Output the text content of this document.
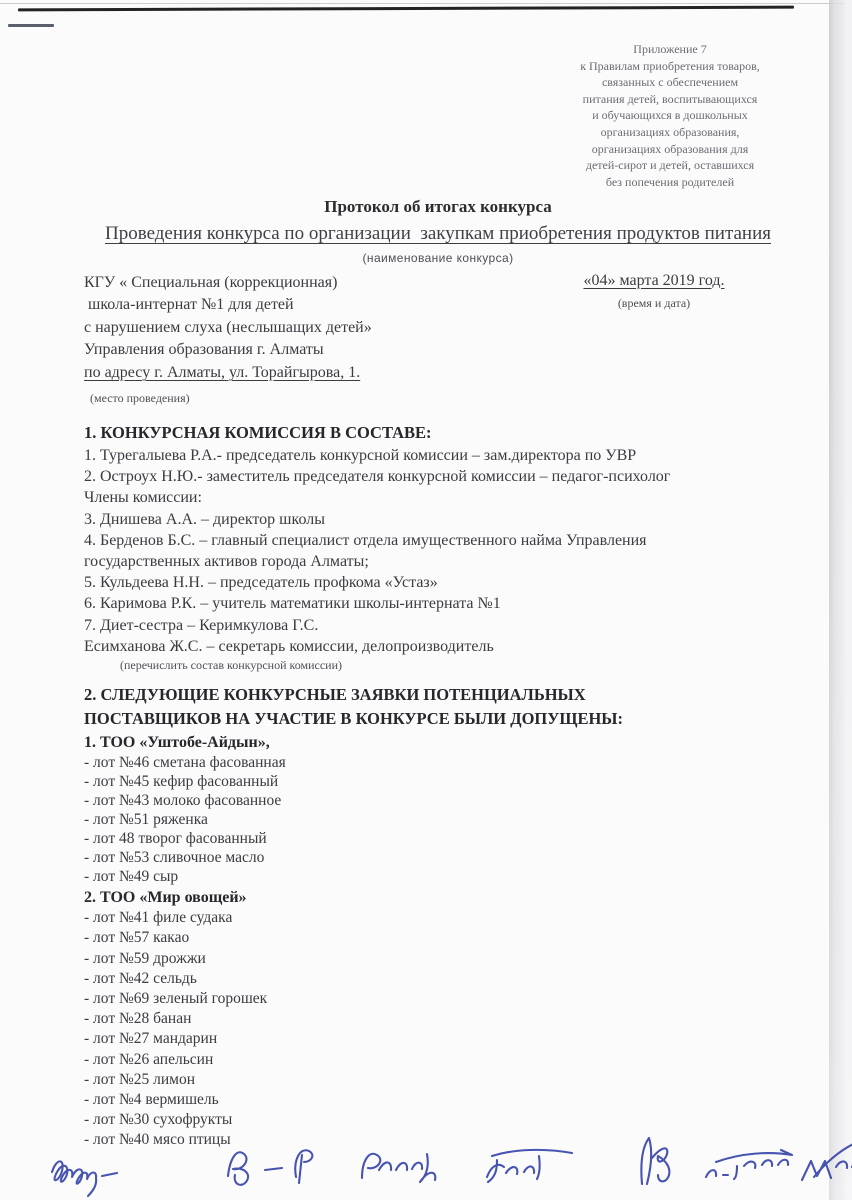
Приложение 7
к Правилам приобретения товаров,
связанных с обеспечением
питания детей, воспитывающихся
и обучающихся в дошкольных
организациях образования,
организациях образования для
детей-сирот и детей, оставшихся
без попечения родителей
Протокол об итогах конкурса
Проведения конкурса по организации  закупкам приобретения продуктов питания
(наименование конкурса)
КГУ « Специальная (коррекционная)
школа-интернат №1 для детей
с нарушением слуха (неслышащих детей»
Управления образования г. Алматы
по адресу г. Алматы, ул. Торайгырова, 1.
(место проведения)
«04» марта 2019 год.
(время и дата)
1. КОНКУРСНАЯ КОМИССИЯ В СОСТАВЕ:
1. Турегалыева Р.А.- председатель конкурсной комиссии – зам.директора по УВР
2. Остроух Н.Ю.- заместитель председателя конкурсной комиссии – педагог-психолог
Члены комиссии:
3. Днишева А.А. – директор школы
4. Берденов Б.С. – главный специалист отдела имущественного найма Управления государственных активов города Алматы;
5. Кульдеева Н.Н. – председатель профкома «Устаз»
6. Каримова Р.К. – учитель математики школы-интерната №1
7. Диет-сестра – Керимкулова Г.С.
Есимханова Ж.С. – секретарь комиссии, делопроизводитель
(перечислить состав конкурсной комиссии)
2. СЛЕДУЮЩИЕ КОНКУРСНЫЕ ЗАЯВКИ ПОТЕНЦИАЛЬНЫХ ПОСТАВЩИКОВ НА УЧАСТИЕ В КОНКУРСЕ БЫЛИ ДОПУЩЕНЫ:
1. ТОО «Уштобе-Айдын»,
- лот №46 сметана фасованная
- лот №45 кефир фасованный
- лот №43 молоко фасованное
- лот №51 ряженка
- лот 48 творог фасованный
- лот №53 сливочное масло
- лот №49 сыр
2. ТОО «Мир овощей»
- лот №41 филе судака
- лот №57 какао
- лот №59 дрожжи
- лот №42 сельдь
- лот №69 зеленый горошек
- лот №28 банан
- лот №27 мандарин
- лот №26 апельсин
- лот №25 лимон
- лот №4 вермишель
- лот №30 сухофрукты
- лот №40 мясо птицы
